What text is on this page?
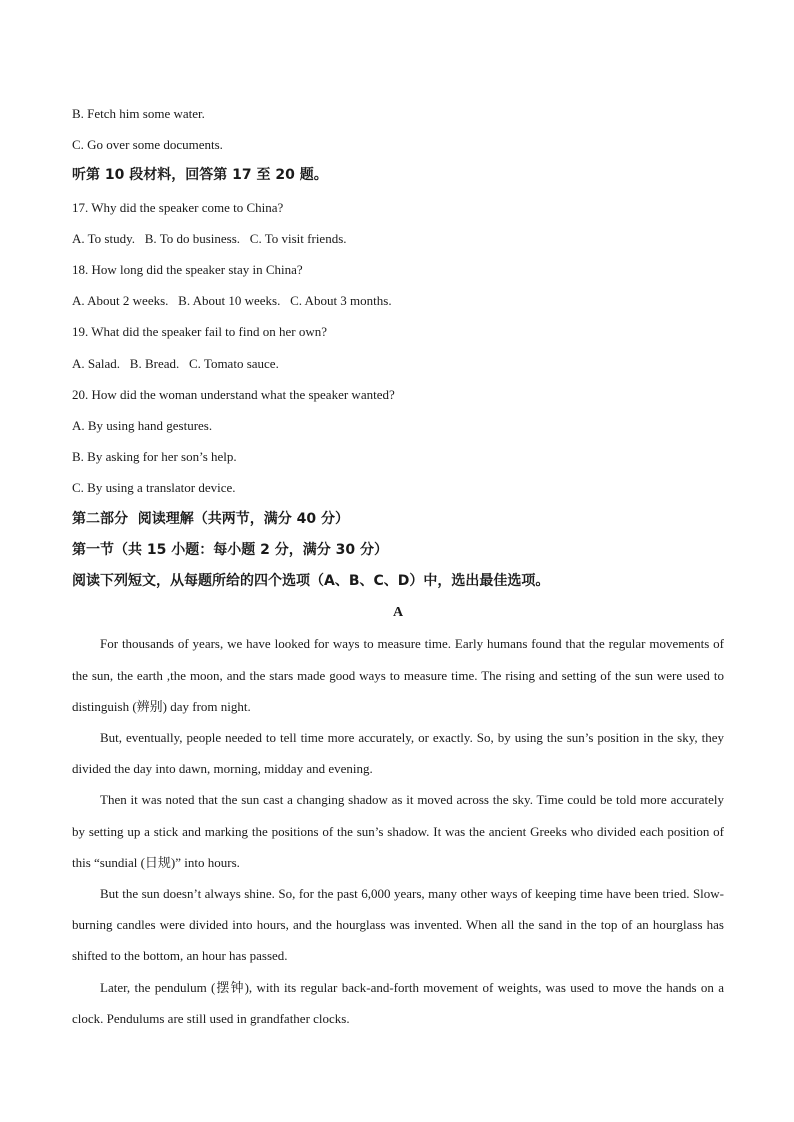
B. Fetch him some water.
C. Go over some documents.
听第 10 段材料，回答第 17 至 20 题。
17. Why did the speaker come to China?
A. To study.   B. To do business.   C. To visit friends.
18. How long did the speaker stay in China?
A. About 2 weeks.   B. About 10 weeks.   C. About 3 months.
19. What did the speaker fail to find on her own?
A. Salad.   B. Bread.   C. Tomato sauce.
20. How did the woman understand what the speaker wanted?
A. By using hand gestures.
B. By asking for her son’s help.
C. By using a translator device.
第二部分  阅读理解（共两节，满分 40 分）
第一节（共 15 小题：每小题 2 分，满分 30 分）
阅读下列短文，从每题所给的四个选项（A、B、C、D）中，选出最佳选项。
A

For thousands of years, we have looked for ways to measure time. Early humans found that the regular movements of the sun, the earth ,the moon, and the stars made good ways to measure time. The rising and setting of the sun were used to distinguish (辨别) day from night.

But, eventually, people needed to tell time more accurately, or exactly. So, by using the sun’s position in the sky, they divided the day into dawn, morning, midday and evening.

Then it was noted that the sun cast a changing shadow as it moved across the sky. Time could be told more accurately by setting up a stick and marking the positions of the sun’s shadow. It was the ancient Greeks who divided each position of this “sundial (日规)” into hours.

But the sun doesn’t always shine. So, for the past 6,000 years, many other ways of keeping time have been tried. Slow-burning candles were divided into hours, and the hourglass was invented. When all the sand in the top of an hourglass has shifted to the bottom, an hour has passed.

Later, the pendulum (摆钟), with its regular back-and-forth movement of weights, was used to move the hands on a clock. Pendulums are still used in grandfather clocks.
